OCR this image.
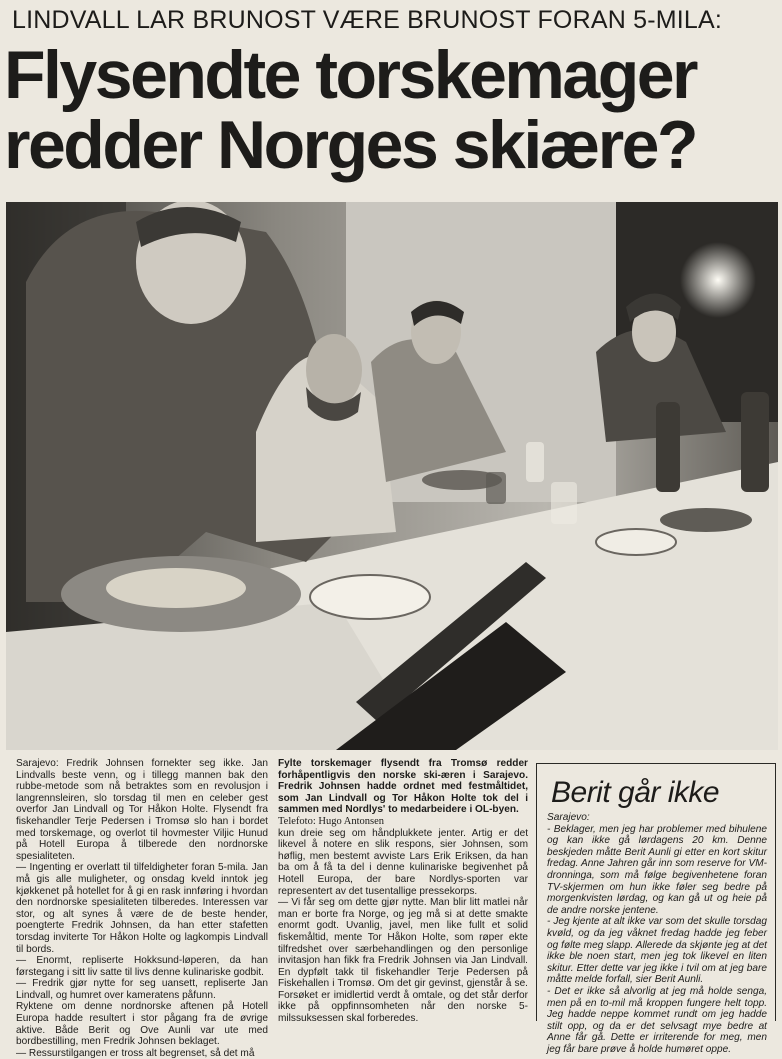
LINDVALL LAR BRUNOST VÆRE BRUNOST FORAN 5-MILA:
Flysendte torskemager
redder Norges skiære?

Sarajevo: Fredrik Johnsen fornekter seg ikke. Jan Lindvalls beste venn, og i tillegg mannen bak den rubbe-metode som nå betraktes som en revolusjon i langrennsleiren, slo torsdag til men en celeber gest overfor Jan Lindvall og Tor Håkon Holte. Flysendt fra fiskehandler Terje Pedersen i Tromsø slo han i bordet med torskemage, og overlot til hovmester Viljic Hunud på Hotell Europa å tilberede den nordnorske spesialiteten.

— Ingenting er overlatt til tilfeldigheter foran 5-mila. Jan må gis alle muligheter, og onsdag kveld inntok jeg kjøkkenet på hotellet for å gi en rask innføring i hvordan den nordnorske spesialiteten tilberedes. Interessen var stor, og alt synes å være de de beste hender, poengterte Fredrik Johnsen, da han etter stafetten torsdag inviterte Tor Håkon Holte og lagkompis Lindvall til bords.

— Enormt, repliserte Hokksund-løperen, da han førstegang i sitt liv satte til livs denne kulinariske godbit.

— Fredrik gjør nytte for seg uansett, repliserte Jan Lindvall, og humret over kameratens påfunn.

Ryktene om denne nordnorske aftenen på Hotell Europa hadde resultert i stor pågang fra de øvrige aktive. Både Berit og Ove Aunli var ute med bordbestilling, men Fredrik Johnsen beklaget.

— Ressurstilgangen er tross alt begrenset, så det må

Fylte torskemager flysendt fra Tromsø redder forhåpentligvis den norske ski-æren i Sarajevo. Fredrik Johnsen hadde ordnet med festmåltidet, som Jan Lindvall og Tor Håkon Holte tok del i sammen med Nordlys' to medarbeidere i OL-byen.

Telefoto: Hugo Antonsen

kun dreie seg om håndplukkete jenter. Artig er det likevel å notere en slik respons, sier Johnsen, som høflig, men bestemt avviste Lars Erik Eriksen, da han ba om å få ta del i denne kulinariske begivenhet på Hotell Europa, der bare Nordlys-sporten var representert av det tusentallige pressekorps.

— Vi får seg om dette gjør nytte. Man blir litt matlei når man er borte fra Norge, og jeg må si at dette smakte enormt godt. Uvanlig, javel, men like fullt et solid fiskemåltid, mente Tor Håkon Holte, som røper ekte tilfredshet over særbehandlingen og den personlige invitasjon han fikk fra Fredrik Johnsen via Jan Lindvall. En dypfølt takk til fiskehandler Terje Pedersen på Fiskehallen i Tromsø. Om det gir gevinst, gjenstår å se. Forsøket er imidlertid verdt å omtale, og det står derfor ikke på oppfinnsomheten når den norske 5-milssuksessen skal forberedes.

Berit går ikke

Sarajevo:

- Beklager, men jeg har problemer med bihulene og kan ikke gå lørdagens 20 km. Denne beskjeden måtte Berit Aunli gi etter en kort skitur fredag. Anne Jahren går inn som reserve for VM-dronninga, som må følge begivenhetene foran TV-skjermen om hun ikke føler seg bedre på morgenkvisten lørdag, og kan gå ut og heie på de andre norske jentene.

- Jeg kjente at alt ikke var som det skulle torsdag kvøld, og da jeg våknet fredag hadde jeg feber og følte meg slapp. Allerede da skjønte jeg at det ikke ble noen start, men jeg tok likevel en liten skitur. Etter dette var jeg ikke i tvil om at jeg bare måtte melde forfall, sier Berit Aunli.

- Det er ikke så alvorlig at jeg må holde senga, men på en to-mil må kroppen fungere helt topp. Jeg hadde neppe kommet rundt om jeg hadde stilt opp, og da er det selvsagt mye bedre at Anne får gå. Dette er irriterende for meg, men jeg får bare prøve å holde humøret oppe.
